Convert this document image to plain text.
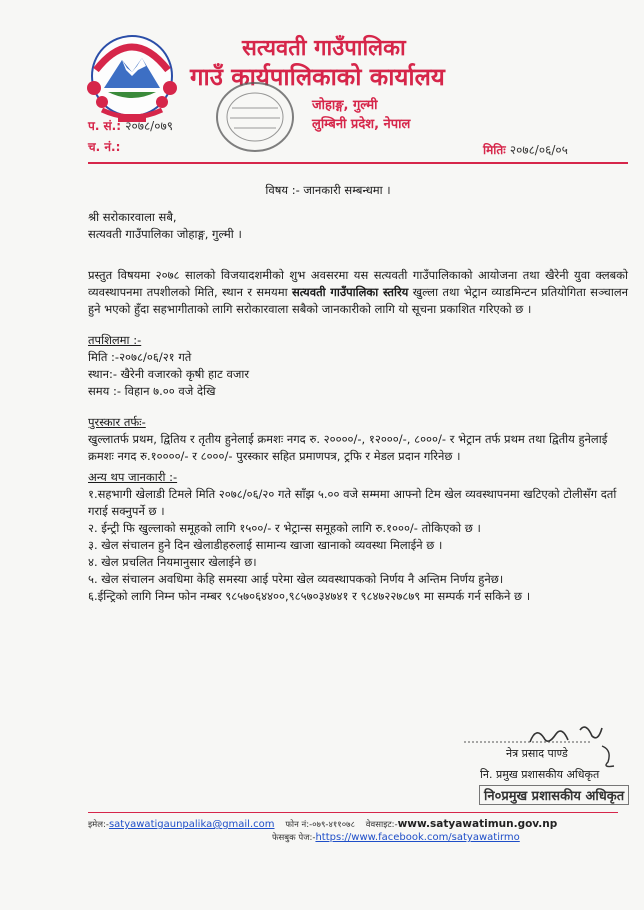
सत्यवती गाउँपालिका
गाउँ कार्यपालिकाको कार्यालय
जोहाङ्ग, गुल्मी
लुम्बिनी प्रदेश, नेपाल
प. सं.: २०७८/०७९
च. नं.:	मितिः २०७८/०६/०५
विषय :- जानकारी सम्बन्धमा ।
श्री सरोकारवाला सबै,
सत्यवती गाउँपालिका जोहाङ्ग, गुल्मी ।
प्रस्तुत विषयमा २०७८ सालको विजयादशमीको शुभ अवसरमा यस सत्यवती गाउँपालिकाको आयोजना तथा खैरेनी युवा क्लबको व्यवस्थापनमा तपशीलको मिति, स्थान र समयमा सत्यवती गाउँपालिका स्तरिय खुल्ला तथा भेट्रान व्याडमिन्टन प्रतियोगिता सञ्चालन हुने भएको हुँदा सहभागीताको लागि सरोकारवाला सबैको जानकारीको लागि यो सूचना प्रकाशित गरिएको छ ।
तपशिलमा :-
मिति :-२०७८/०६/२१ गते
स्थान:- खैरेनी वजारको कृषी हाट वजार
समय :- विहान ७.०० वजे देखि
पुरस्कार तर्फः-
खुल्लातर्फ प्रथम, द्वितिय र तृतीय हुनेलाई क्रमशः नगद रु. २००००/-, १२०००/-, ८०००/- र भेट्रान तर्फ प्रथम तथा द्वितीय हुनेलाई क्रमशः नगद रु.१००००/- र ८०००/- पुरस्कार सहित प्रमाणपत्र, ट्रफि र मेडल प्रदान गरिनेछ ।
अन्य थप जानकारी :-
१.सहभागी खेलाडी टिमले मिति २०७८/०६/२० गते साँझ ५.०० वजे सम्ममा आफ्नो टिम खेल व्यवस्थापनमा खटिएको टोलीसँग दर्ता गराई सक्नुपर्ने छ ।
२. ईन्ट्री फि खुल्लाको समूहको लागि १५००/- र भेट्रान्स समूहको लागि रु.१०००/- तोकिएको छ ।
३. खेल संचालन हुने दिन खेलाडीहरुलाई सामान्य खाजा खानाको व्यवस्था मिलाईने छ ।
४. खेल प्रचलित नियमानुसार खेलाईने छ।
५. खेल संचालन अवधिमा केहि समस्या आई परेमा खेल व्यवस्थापकको निर्णय नै अन्तिम निर्णय हुनेछ।
६.ईन्ट्रिको लागि निम्न फोन नम्बर ९८५७०६४४००,९८५७०३४७४१ र ९८४७२२७८७९ मा सम्पर्क गर्न सकिने छ ।
नेत्र प्रसाद पाण्डे
नि. प्रमुख प्रशासकीय अधिकृत
नि०प्रमुख प्रशासकीय अधिकृत
इमेल:-satyawatigaunpalika@gmail.com फोन नं:-०७९-४११०७८ वेवसाइट:-www.satyawatimun.gov.np
फेसबुक पेज:-https://www.facebook.com/satyawatirmo
